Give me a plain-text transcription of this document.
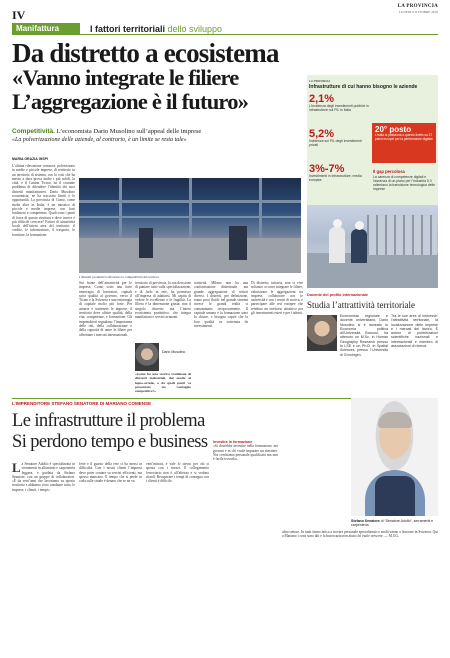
IV
LA PROVINCIA
LUNEDÌ 8 OTTOBRE 2018
Manifattura	I fattori territoriali dello sviluppo
Da distretto a ecosistema
«Vanno integrate le filiere
L’aggregazione è il futuro»
Competitività. L’economista Dario Musolino sull’appeal delle imprese
«La polverizzazione delle aziende, al contrario, è un limite se resta tale»
MARIA GRAZIA GISPI
L’ultima rilevazione comasca, polverizzato in medie e piccole imprese, di territorio in un territorio di sistema, con la crisi che ha messo a dura prova anche i più solidi, la città, e il Canton Ticino, ha il costante problema di difendere l’identità dei suoi distretti manifatturieri. Dario Musolino economista, ne ha tracciato limiti e le opportunità. La provincia di Como, come molte altre in Italia, è un mosaico di piccole e medie imprese, con forti tradizioni e competenze. Quali sono i punti di forza di questa struttura e dove invece è più difficile crescere? Fattori di attrattività locali dell’intera area del territorio: il credito, le infrastrutture, il trasporto, le forniture, la formazione.
I distretti produttivi rafforzano la competitività dei territori
Sui fronte dell’attrattività per le imprese, Como sotto una forte emorragia di lavoratori, capitali sotto qualità al governo, verso il Ticino e la Svizzera e una emorragia di capitale molto più forte. Per attrarre e trattenere le imprese, il territorio deve offrire qualità, della vita, competenze, e formazione. Gli imprenditori segnalano l’importanza delle reti, della collaborazione e della capacità di unire le filiere per affrontare i mercati internazionali.
territorio di provincia, la sua decisione di puntare tutto sulla specializzazione, e di farlo in rete, ha permesso all’impresa di adattarsi. Mi capita di vedere le eccellenze e le fragilità. La filiera è la dimensione giusta: non il singolo distretto ma l’intero ecosistema produttivo, che integra manifattura e servizi avanzati.
Dario Musolino
«Come ha una storica tradizione di distretti industriali, dal tessile al legno-arredo, e da quali punti va presentare un vantaggio competitivo?»
trattività. Milano non ha una conformazione distrettuale, ma grande aggregazione di settori diversi. I distretti, per definizione, erano poco fluidi: nel grande sistema invece le grandi realtà si contaminano reciprocamente. Il capitale umano e la formazione sono la chiave, e bisogna capire che la loro qualità va sostenuta da investimenti.
Di distretto, tuttavia, non si vive soltanto: occorre integrare le filiere, valorizzare le aggregazioni tra imprese, collaborare con le università e con i centri di ricerca, e partecipare alle reti europee che rendono un territorio attrattivo per gli investimenti esteri e per i talenti.
LA PROVINCIA
Infrastrutture di cui hanno bisogno le aziende
2,1%
L’incidenza degli investimenti pubblici in infrastrutture sul PIL in Italia
5,2%
Incidenza sul PIL degli investimenti privati
3%-7%
Investimenti in infrastrutture, media europea
20° posto
L’Italia si posiziona a questo livello su 27 paesi europei per la performance digitale
Il gap percolosa
La carenza di competenze digitali e l’assenza di un piano per l’Industria 5.0 rallentano la transizione tecnologica delle imprese
Docente del profilo internazionale
Studia l’attrattività territoriale
Economista regionale e docente universitario, Dario Musolino si è laureato in Economia politica all’Università Bocconi, ha ottenuto un M.Sc. in Human Geography Research presso la LSE e un Ph.D. in Spatial Sciences presso l’Università di Groningen.
Tra le sue aree di interesse: l’attrattività territoriale, la localizzazione delle imprese e i mercati del lavoro. È autore di pubblicazioni scientifiche nazionali e internazionali e membro di associazioni di ricerca.
L’IMPRENDITORE STEFANO SENATORE DI MARIANO COMENSE
Le infrastrutture il problema
Si perdono tempo e business
La Senatore Adolfo è specializzata in serramenti in alluminio e carpenteria leggera, e guidata da Stefano Senatore, con un gruppo di collaboratori. «È da vent’anni che lavoriamo su questo territorio e abbiamo visto cambiare tutto, le imprese, i clienti, i tempi».
ferie e il guasto della rete ci ha messi in difficoltà. Con i nostri clienti l’impresa deve poter contare su servizi efficienti, ma spesso mancano. Il tempo che si perde in coda sulle strade è denaro che se ne va.
vent’minuti, e vale lo stesso per chi si sposta con i mezzi. Il collegamento ferroviario non è all’altezza e si vedono ritardi. Recuperare i tempi di consegna con i clienti è difficile.
Investire in formazione
«Si dovrebbe investire nella formazione, nei giovani e in chi vuole imparare un mestiere. Noi cerchiamo personale qualificato ma non è facile trovarlo».
altro settore. In tanti fanno fatica a trovare personale specializzato e molti vanno a lavorare in Svizzera. Qui a Mariano i costi sono alti e la burocrazia non aiuta chi vuole crescere. — M.GG.
Stefano Senatore di “Senatore Adolfo”, serramenti e carpenteria
